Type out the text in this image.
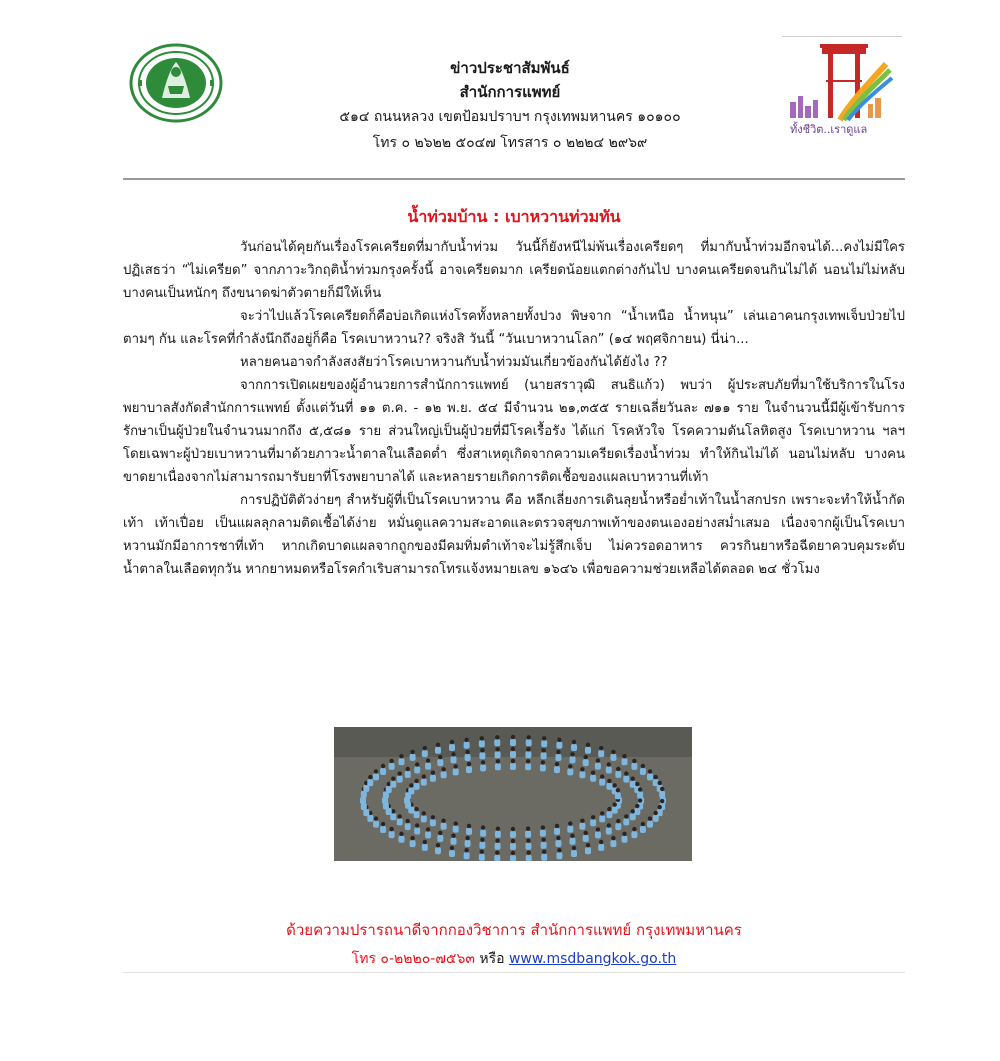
ข่าวประชาสัมพันธ์
สำนักการแพทย์
๕๑๔ ถนนหลวง เขตป้อมปราบฯ กรุงเทพมหานคร ๑๐๑๐๐
โทร ๐ ๒๖๒๒ ๕๐๔๗ โทรสาร ๐ ๒๒๒๔ ๒๙๖๙
ทั้งชีวิต..เราดูแล
น้ำท่วมบ้าน : เบาหวานท่วมทัน

วันก่อนได้คุยกันเรื่องโรคเครียดที่มากับน้ำท่วม วันนี้ก็ยังหนีไม่พ้นเรื่องเครียดๆ ที่มากับน้ำท่วมอีกจนได้...คงไม่มีใครปฏิเสธว่า “ไม่เครียด” จากภาวะวิกฤติน้ำท่วมกรุงครั้งนี้ อาจเครียดมาก เครียดน้อยแตกต่างกันไป บางคนเครียดจนกินไม่ได้ นอนไม่ไม่หลับ บางคนเป็นหนักๆ ถึงขนาดฆ่าตัวตายก็มีให้เห็น

จะว่าไปแล้วโรคเครียดก็คือบ่อเกิดแห่งโรคทั้งหลายทั้งปวง พิษจาก “น้ำเหนือ น้ำหนุน” เล่นเอาคนกรุงเทพเจ็บป่วยไปตามๆ กัน และโรคที่กำลังนึกถึงอยู่ก็คือ โรคเบาหวาน?? จริงสิ วันนี้ “วันเบาหวานโลก” (๑๔ พฤศจิกายน) นี่น่า...

หลายคนอาจกำลังสงสัยว่าโรคเบาหวานกับน้ำท่วมมันเกี่ยวข้องกันได้ยังไง ??

จากการเปิดเผยของผู้อำนวยการสำนักการแพทย์ (นายสราวุฒิ สนธิแก้ว) พบว่า ผู้ประสบภัยที่มาใช้บริการในโรงพยาบาลสังกัดสำนักการแพทย์ ตั้งแต่วันที่ ๑๑ ต.ค. - ๑๒ พ.ย. ๕๔ มีจำนวน ๒๑,๓๕๕ รายเฉลี่ยวันละ ๗๑๑ ราย ในจำนวนนี้มีผู้เข้ารับการรักษาเป็นผู้ป่วยในจำนวนมากถึง ๕,๕๘๑ ราย ส่วนใหญ่เป็นผู้ป่วยที่มีโรคเรื้อรัง ได้แก่ โรคหัวใจ โรคความดันโลหิตสูง โรคเบาหวาน ฯลฯ โดยเฉพาะผู้ป่วยเบาหวานที่มาด้วยภาวะน้ำตาลในเลือดต่ำ ซึ่งสาเหตุเกิดจากความเครียดเรื่องน้ำท่วม ทำให้กินไม่ได้ นอนไม่หลับ บางคนขาดยาเนื่องจากไม่สามารถมารับยาที่โรงพยาบาลได้ และหลายรายเกิดการติดเชื้อของแผลเบาหวานที่เท้า

การปฏิบัติตัวง่ายๆ สำหรับผู้ที่เป็นโรคเบาหวาน คือ หลีกเลี่ยงการเดินลุยน้ำหรือย่ำเท้าในน้ำสกปรก เพราะจะทำให้น้ำกัดเท้า เท้าเปื่อย เป็นแผลลุกลามติดเชื้อได้ง่าย หมั่นดูแลความสะอาดและตรวจสุขภาพเท้าของตนเองอย่างสม่ำเสมอ เนื่องจากผู้เป็นโรคเบาหวานมักมีอาการชาที่เท้า หากเกิดบาดแผลจากถูกของมีคมทิ่มตำเท้าจะไม่รู้สึกเจ็บ ไม่ควรอดอาหาร ควรกินยาหรือฉีดยาควบคุมระดับน้ำตาลในเลือดทุกวัน หากยาหมดหรือโรคกำเริบสามารถโทรแจ้งหมายเลข ๑๖๔๖ เพื่อขอความช่วยเหลือได้ตลอด ๒๔ ชั่วโมง

ด้วยความปรารถนาดีจากกองวิชาการ สำนักการแพทย์ กรุงเทพมหานคร
โทร ๐-๒๒๒๐-๗๕๖๓ หรือ www.msdbangkok.go.th
